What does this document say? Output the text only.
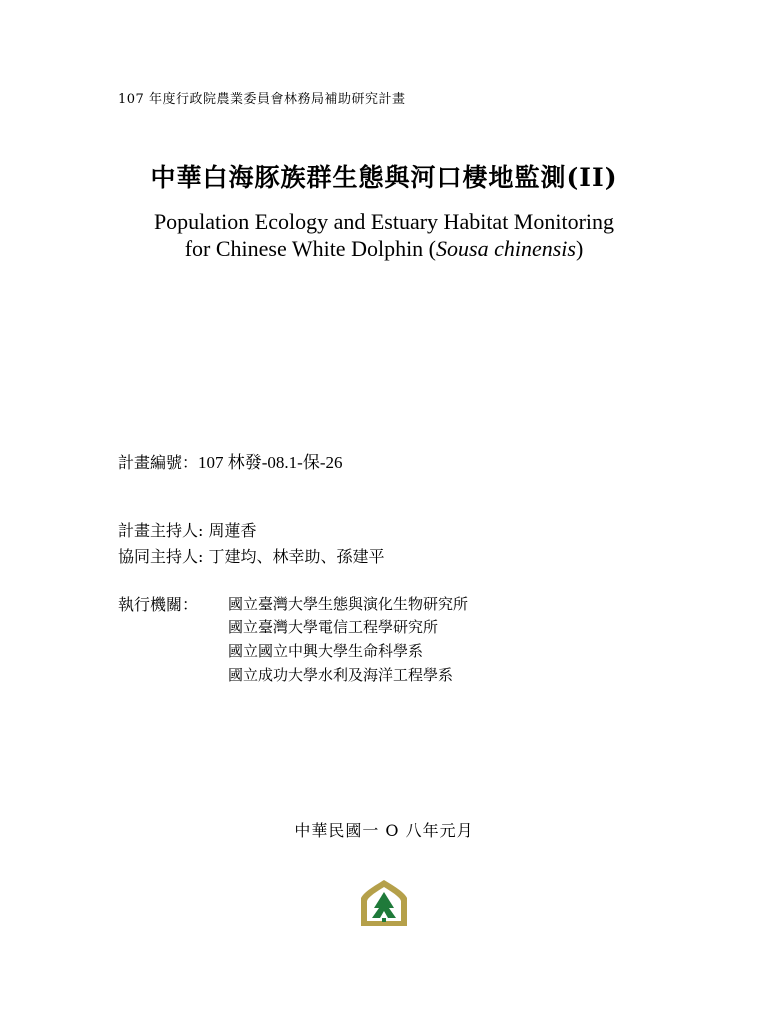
107 年度行政院農業委員會林務局補助研究計畫
中華白海豚族群生態與河口棲地監測(II)
Population Ecology and Estuary Habitat Monitoring
for Chinese White Dolphin (Sousa chinensis)
計畫編號：107 林發-08.1-保-26
計畫主持人: 周蓮香
協同主持人: 丁建均、林幸助、孫建平
執行機關： 國立臺灣大學生態與演化生物研究所
國立臺灣大學電信工程學研究所
國立國立中興大學生命科學系
國立成功大學水利及海洋工程學系
中華民國一 O 八年元月
